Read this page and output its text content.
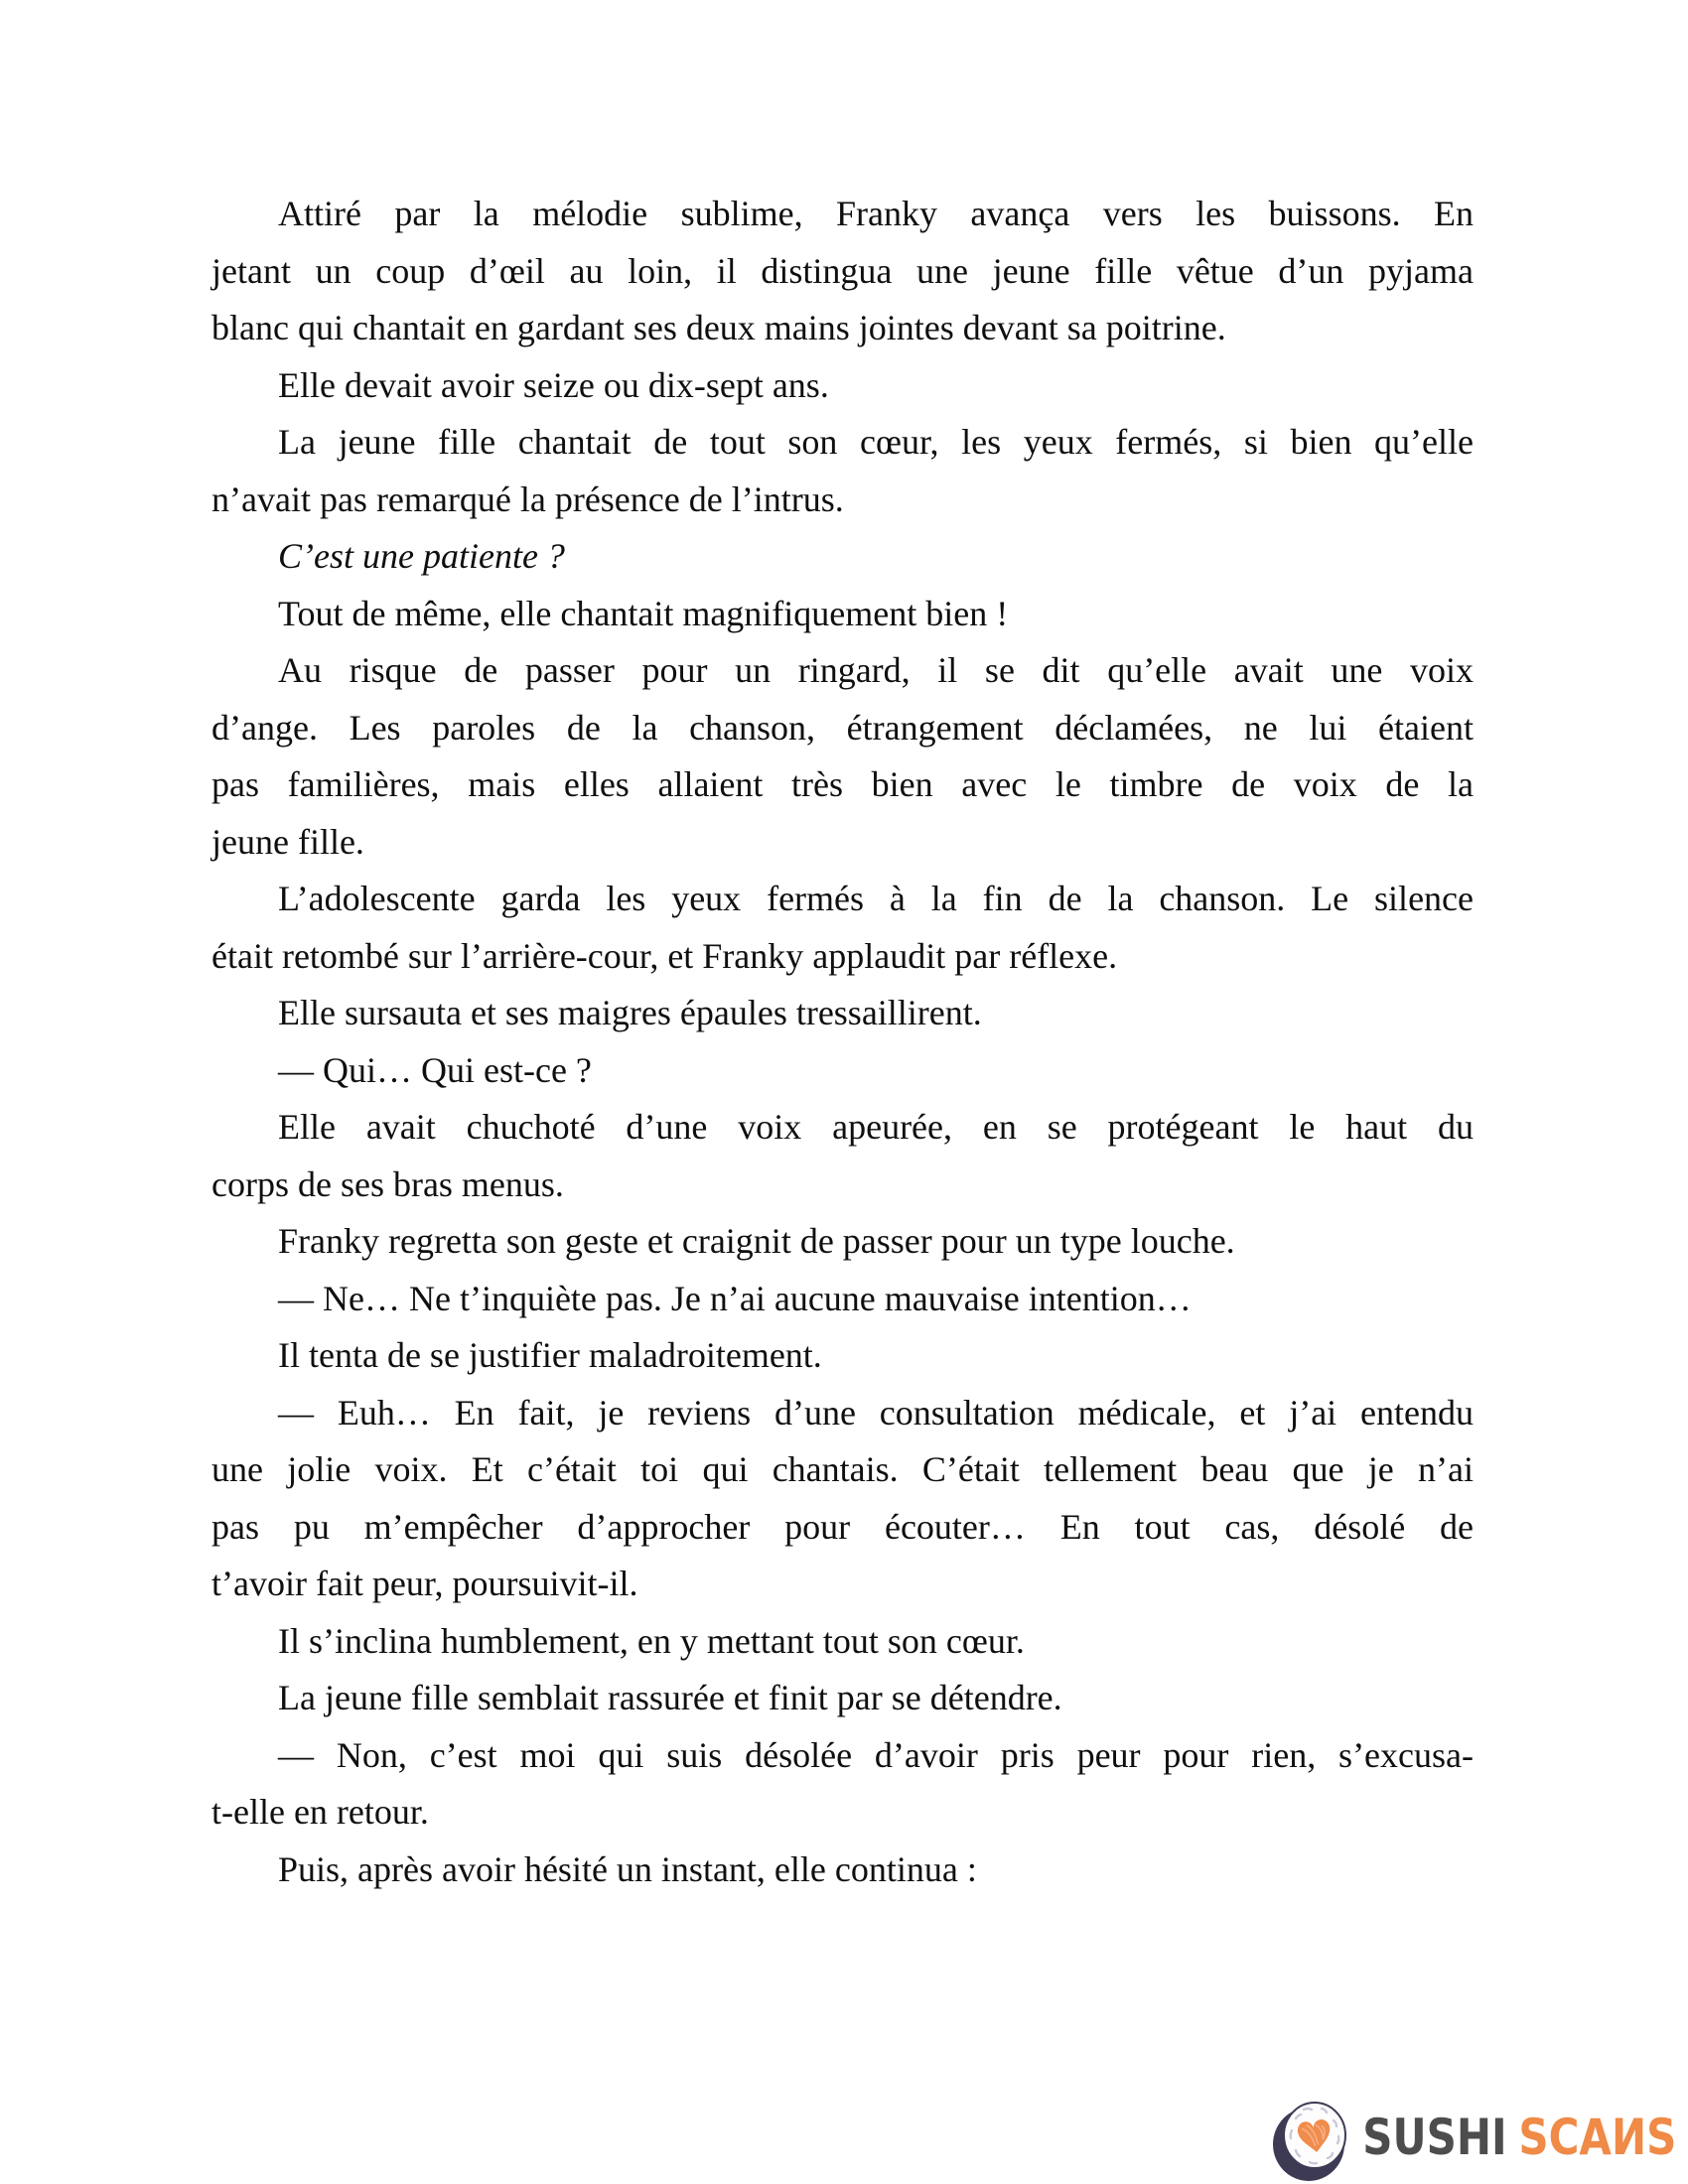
Attiré par la mélodie sublime, Franky avança vers les buissons. En
jetant un coup d’œil au loin, il distingua une jeune fille vêtue d’un pyjama
blanc qui chantait en gardant ses deux mains jointes devant sa poitrine.
Elle devait avoir seize ou dix-sept ans.
La jeune fille chantait de tout son cœur, les yeux fermés, si bien qu’elle
n’avait pas remarqué la présence de l’intrus.
C’est une patiente ?
Tout de même, elle chantait magnifiquement bien !
Au risque de passer pour un ringard, il se dit qu’elle avait une voix
d’ange. Les paroles de la chanson, étrangement déclamées, ne lui étaient
pas familières, mais elles allaient très bien avec le timbre de voix de la
jeune fille.
L’adolescente garda les yeux fermés à la fin de la chanson. Le silence
était retombé sur l’arrière-cour, et Franky applaudit par réflexe.
Elle sursauta et ses maigres épaules tressaillirent.
— Qui… Qui est-ce ?
Elle avait chuchoté d’une voix apeurée, en se protégeant le haut du
corps de ses bras menus.
Franky regretta son geste et craignit de passer pour un type louche.
— Ne… Ne t’inquiète pas. Je n’ai aucune mauvaise intention…
Il tenta de se justifier maladroitement.
— Euh… En fait, je reviens d’une consultation médicale, et j’ai entendu
une jolie voix. Et c’était toi qui chantais. C’était tellement beau que je n’ai
pas pu m’empêcher d’approcher pour écouter… En tout cas, désolé de
t’avoir fait peur, poursuivit-il.
Il s’inclina humblement, en y mettant tout son cœur.
La jeune fille semblait rassurée et finit par se détendre.
— Non, c’est moi qui suis désolée d’avoir pris peur pour rien, s’excusa-
t-elle en retour.
Puis, après avoir hésité un instant, elle continua :
SUSHI SCAИS
